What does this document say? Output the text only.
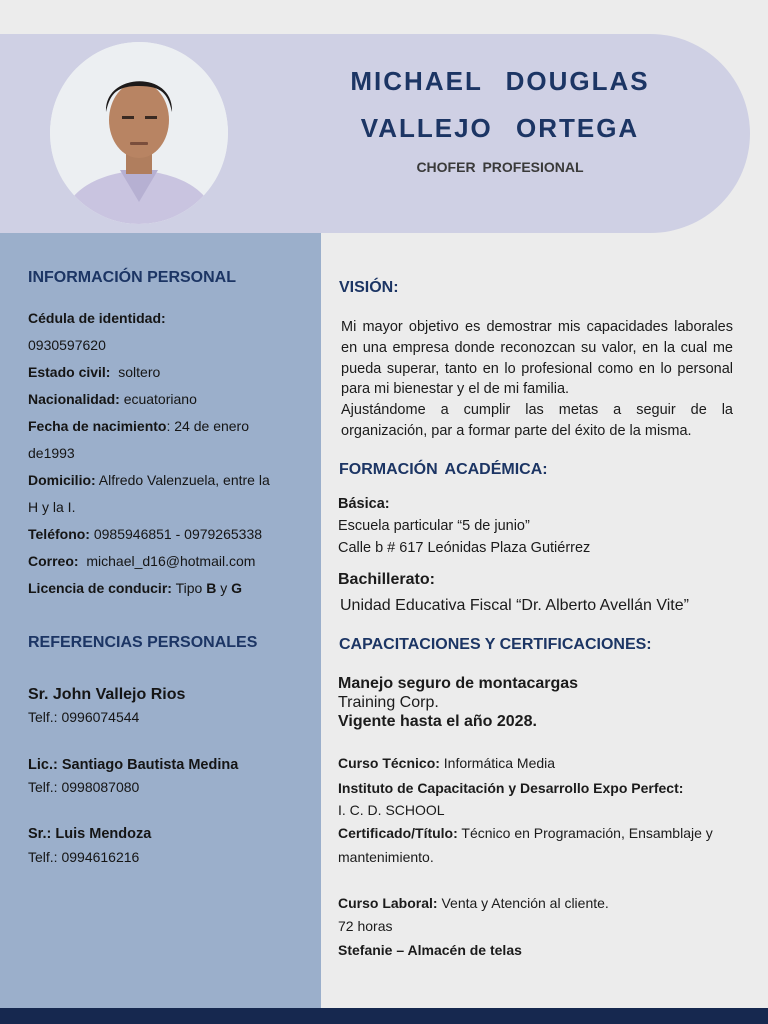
MICHAEL DOUGLAS
VALLEJO ORTEGA
CHOFER PROFESIONAL
INFORMACIÓN PERSONAL
Cédula de identidad:
0930597620
Estado civil: soltero
Nacionalidad: ecuatoriano
Fecha de nacimiento: 24 de enero
de1993
Domicilio: Alfredo Valenzuela, entre la
H y la I.
Teléfono: 0985946851 - 0979265338
Correo: michael_d16@hotmail.com
Licencia de conducir: Tipo B y G
REFERENCIAS PERSONALES
Sr. John Vallejo Rios
Telf.: 0996074544
Lic.: Santiago Bautista Medina
Telf.: 0998087080
Sr.: Luis Mendoza
Telf.: 0994616216
VISIÓN:

Mi mayor objetivo es demostrar mis capacidades laborales en una empresa donde reconozcan su valor, en la cual me pueda superar, tanto en lo profesional como en lo personal para mi bienestar y el de mi familia.

Ajustándome a cumplir las metas a seguir de la organización, par a formar parte del éxito de la misma.

FORMACIÓN ACADÉMICA:
Básica:
Escuela particular “5 de junio”
Calle b # 617 Leónidas Plaza Gutiérrez
Bachillerato:
Unidad Educativa Fiscal “Dr. Alberto Avellán Vite”
CAPACITACIONES Y CERTIFICACIONES:
Manejo seguro de montacargas
Training Corp.
Vigente hasta el año 2028.
Curso Técnico: Informática Media
Instituto de Capacitación y Desarrollo Expo Perfect:
I. C. D. SCHOOL
Certificado/Título: Técnico en Programación, Ensamblaje y mantenimiento.
Curso Laboral: Venta y Atención al cliente.
72 horas
Stefanie – Almacén de telas
